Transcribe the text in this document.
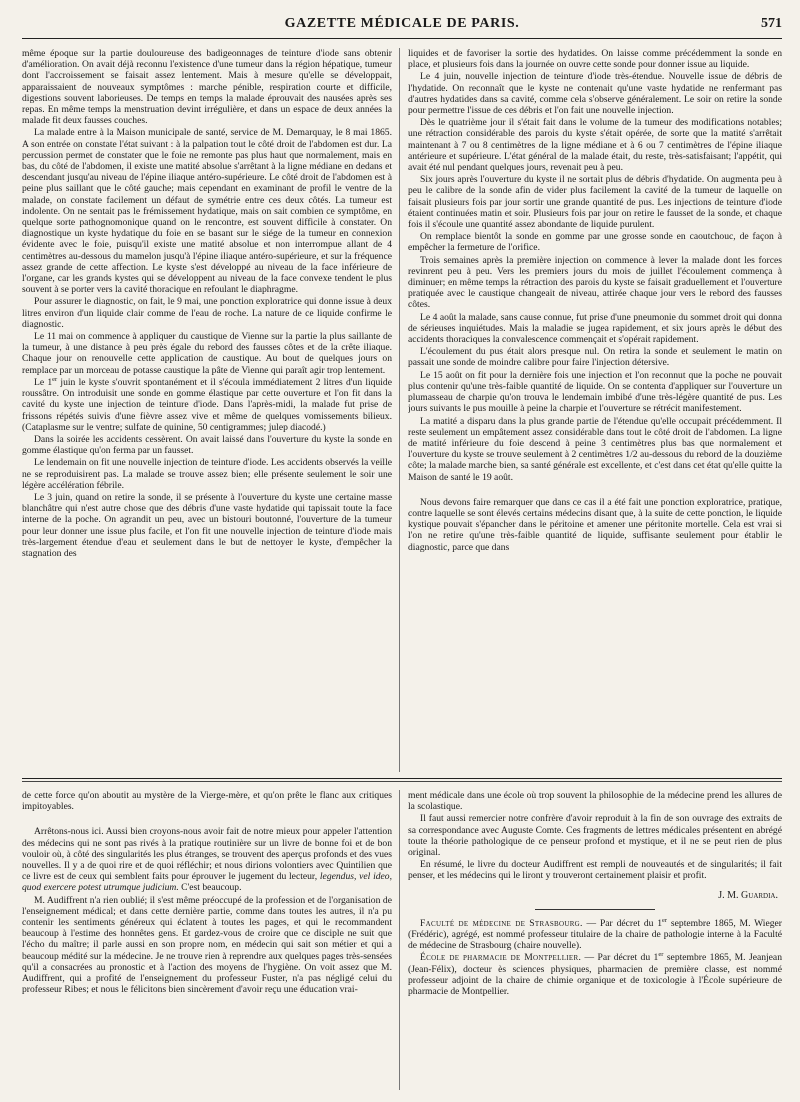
GAZETTE MÉDICALE DE PARIS.	571

même époque sur la partie douloureuse des badigeonnages de teinture d'iode sans obtenir d'amélioration. On avait déjà reconnu l'existence d'une tumeur dans la région hépatique, tumeur dont l'accroissement se faisait assez lentement. Mais à mesure qu'elle se développait, apparaissaient de nouveaux symptômes : marche pénible, respiration courte et difficile, digestions souvent laborieuses. De temps en temps la malade éprouvait des nausées après ses repas. En même temps la menstruation devint irrégulière, et dans un espace de deux années la malade fit deux fausses couches.

La malade entre à la Maison municipale de santé, service de M. Demarquay, le 8 mai 1865. A son entrée on constate l'état suivant : à la palpation tout le côté droit de l'abdomen est dur. La percussion permet de constater que le foie ne remonte pas plus haut que normalement, mais en bas, du côté de l'abdomen, il existe une matité absolue s'arrêtant à la ligne médiane en dedans et descendant jusqu'au niveau de l'épine iliaque antéro-supérieure. Le côté droit de l'abdomen est à peine plus saillant que le côté gauche; mais cependant en examinant de profil le ventre de la malade, on constate facilement un défaut de symétrie entre ces deux côtés. La tumeur est indolente. On ne sentait pas le frémissement hydatique, mais on sait combien ce symptôme, en quelque sorte pathognomonique quand on le rencontre, est souvent difficile à constater. On diagnostique un kyste hydatique du foie en se basant sur le siége de la tumeur en connexion évidente avec le foie, puisqu'il existe une matité absolue et non interrompue allant de 4 centimètres au-dessous du mamelon jusqu'à l'épine iliaque antéro-supérieure, et sur la fréquence assez grande de cette affection. Le kyste s'est développé au niveau de la face inférieure de l'organe, car les grands kystes qui se développent au niveau de la face convexe tendent le plus souvent à se porter vers la cavité thoracique en refoulant le diaphragme.

Pour assurer le diagnostic, on fait, le 9 mai, une ponction exploratrice qui donne issue à deux litres environ d'un liquide clair comme de l'eau de roche. La nature de ce liquide confirme le diagnostic.

Le 11 mai on commence à appliquer du caustique de Vienne sur la partie la plus saillante de la tumeur, à une distance à peu près égale du rebord des fausses côtes et de la crête iliaque. Chaque jour on renouvelle cette application de caustique. Au bout de quelques jours on remplace par un morceau de potasse caustique la pâte de Vienne qui paraît agir trop lentement.

Le 1er juin le kyste s'ouvrit spontanément et il s'écoula immédiatement 2 litres d'un liquide roussâtre. On introduisit une sonde en gomme élastique par cette ouverture et l'on fit dans la cavité du kyste une injection de teinture d'iode. Dans l'après-midi, la malade fut prise de frissons répétés suivis d'une fièvre assez vive et même de quelques vomissements bilieux. (Cataplasme sur le ventre; sulfate de quinine, 50 centigrammes; julep diacodé.)

Dans la soirée les accidents cessèrent. On avait laissé dans l'ouverture du kyste la sonde en gomme élastique qu'on ferma par un fausset.

Le lendemain on fit une nouvelle injection de teinture d'iode. Les accidents observés la veille ne se reproduisirent pas. La malade se trouve assez bien; elle présente seulement le soir une légère accélération fébrile.

Le 3 juin, quand on retire la sonde, il se présente à l'ouverture du kyste une certaine masse blanchâtre qui n'est autre chose que des débris d'une vaste hydatide qui tapissait toute la face interne de la poche. On agrandit un peu, avec un bistouri boutonné, l'ouverture de la tumeur pour leur donner une issue plus facile, et l'on fit une nouvelle injection de teinture d'iode mais très-largement étendue d'eau et seulement dans le but de nettoyer le kyste, d'empêcher la stagnation des

liquides et de favoriser la sortie des hydatides. On laisse comme précédemment la sonde en place, et plusieurs fois dans la journée on ouvre cette sonde pour donner issue au liquide.

Le 4 juin, nouvelle injection de teinture d'iode très-étendue. Nouvelle issue de débris de l'hydatide. On reconnaît que le kyste ne contenait qu'une vaste hydatide ne renfermant pas d'autres hydatides dans sa cavité, comme cela s'observe généralement. Le soir on retire la sonde pour permettre l'issue de ces débris et l'on fait une nouvelle injection.

Dès le quatrième jour il s'était fait dans le volume de la tumeur des modifications notables; une rétraction considérable des parois du kyste s'était opérée, de sorte que la matité s'arrêtait maintenant à 7 ou 8 centimètres de la ligne médiane et à 6 ou 7 centimètres de l'épine iliaque antérieure et supérieure. L'état général de la malade était, du reste, très-satisfaisant; l'appétit, qui avait été nul pendant quelques jours, revenait peu à peu.

Six jours après l'ouverture du kyste il ne sortait plus de débris d'hydatide. On augmenta peu à peu le calibre de la sonde afin de vider plus facilement la cavité de la tumeur de laquelle on faisait plusieurs fois par jour sortir une grande quantité de pus. Les injections de teinture d'iode étaient continuées matin et soir. Plusieurs fois par jour on retire le fausset de la sonde, et chaque fois il s'écoule une quantité assez abondante de liquide purulent.

On remplace bientôt la sonde en gomme par une grosse sonde en caoutchouc, de façon à empêcher la fermeture de l'orifice.

Trois semaines après la première injection on commence à lever la malade dont les forces revinrent peu à peu. Vers les premiers jours du mois de juillet l'écoulement commença à diminuer; en même temps la rétraction des parois du kyste se faisait graduellement et l'ouverture pratiquée avec le caustique changeait de niveau, attirée chaque jour vers le rebord des fausses côtes.

Le 4 août la malade, sans cause connue, fut prise d'une pneumonie du sommet droit qui donna de sérieuses inquiétudes. Mais la maladie se jugea rapidement, et six jours après le début des accidents thoraciques la convalescence commençait et s'opérait rapidement.

L'écoulement du pus était alors presque nul. On retira la sonde et seulement le matin on passait une sonde de moindre calibre pour faire l'injection détersive.

Le 15 août on fit pour la dernière fois une injection et l'on reconnut que la poche ne pouvait plus contenir qu'une très-faible quantité de liquide. On se contenta d'appliquer sur l'ouverture un plumasseau de charpie qu'on trouva le lendemain imbibé d'une très-légère quantité de pus. Les jours suivants le pus mouille à peine la charpie et l'ouverture se rétrécit manifestement.

La matité a disparu dans la plus grande partie de l'étendue qu'elle occupait précédemment. Il reste seulement un empâtement assez considérable dans tout le côté droit de l'abdomen. La ligne de matité inférieure du foie descend à peine 3 centimètres plus bas que normalement et l'ouverture du kyste se trouve seulement à 2 centimètres 1/2 au-dessous du rebord de la douzième côte; la malade marche bien, sa santé générale est excellente, et c'est dans cet état qu'elle quitte la Maison de santé le 19 août.

Nous devons faire remarquer que dans ce cas il a été fait une ponction exploratrice, pratique, contre laquelle se sont élevés certains médecins disant que, à la suite de cette ponction, le liquide kystique pouvait s'épancher dans le péritoine et amener une péritonite mortelle. Cela est vrai si l'on ne retire qu'une très-faible quantité de liquide, suffisante seulement pour établir le diagnostic, parce que dans

de cette force qu'on aboutit au mystère de la Vierge-mère, et qu'on prête le flanc aux critiques impitoyables.

Arrêtons-nous ici. Aussi bien croyons-nous avoir fait de notre mieux pour appeler l'attention des médecins qui ne sont pas rivés à la pratique routinière sur un livre de bonne foi et de bon vouloir où, à côté des singularités les plus étranges, se trouvent des aperçus profonds et des vues nouvelles. Il y a de quoi rire et de quoi réfléchir; et nous dirions volontiers avec Quintilien que ce livre est de ceux qui semblent faits pour éprouver le jugement du lecteur, legendus, vel ideo, quod exercere potest utrumque judicium. C'est beaucoup.

M. Audiffrent n'a rien oublié; il s'est même préoccupé de la profession et de l'organisation de l'enseignement médical; et dans cette dernière partie, comme dans toutes les autres, il n'a pu contenir les sentiments généreux qui éclatent à toutes les pages, et qui le recommandent beaucoup à l'estime des honnêtes gens. Et gardez-vous de croire que ce disciple ne suit que l'écho du maître; il parle aussi en son propre nom, en médecin qui sait son métier et qui a beaucoup médité sur la médecine. Je ne trouve rien à reprendre aux quelques pages très-sensées qu'il a consacrées au pronostic et à l'action des moyens de l'hygiène. On voit assez que M. Audiffrent, qui a profité de l'enseignement du professeur Fuster, n'a pas négligé celui du professeur Ribes; et nous le félicitons bien sincèrement d'avoir reçu une éducation vrai-

ment médicale dans une école où trop souvent la philosophie de la médecine prend les allures de la scolastique.

Il faut aussi remercier notre confrère d'avoir reproduit à la fin de son ouvrage des extraits de sa correspondance avec Auguste Comte. Ces fragments de lettres médicales présentent en abrégé toute la théorie pathologique de ce penseur profond et mystique, et il ne se peut rien de plus original.

En résumé, le livre du docteur Audiffrent est rempli de nouveautés et de singularités; il fait penser, et les médecins qui le liront y trouveront certainement plaisir et profit.

J. M. Guardia.

Faculté de médecine de Strasbourg. — Par décret du 1er septembre 1865, M. Wieger (Frédéric), agrégé, est nommé professeur titulaire de la chaire de pathologie interne à la Faculté de médecine de Strasbourg (chaire nouvelle).

École de pharmacie de Montpellier. — Par décret du 1er septembre 1865, M. Jeanjean (Jean-Félix), docteur ès sciences physiques, pharmacien de première classe, est nommé professeur adjoint de la chaire de chimie organique et de toxicologie à l'École supérieure de pharmacie de Montpellier.
